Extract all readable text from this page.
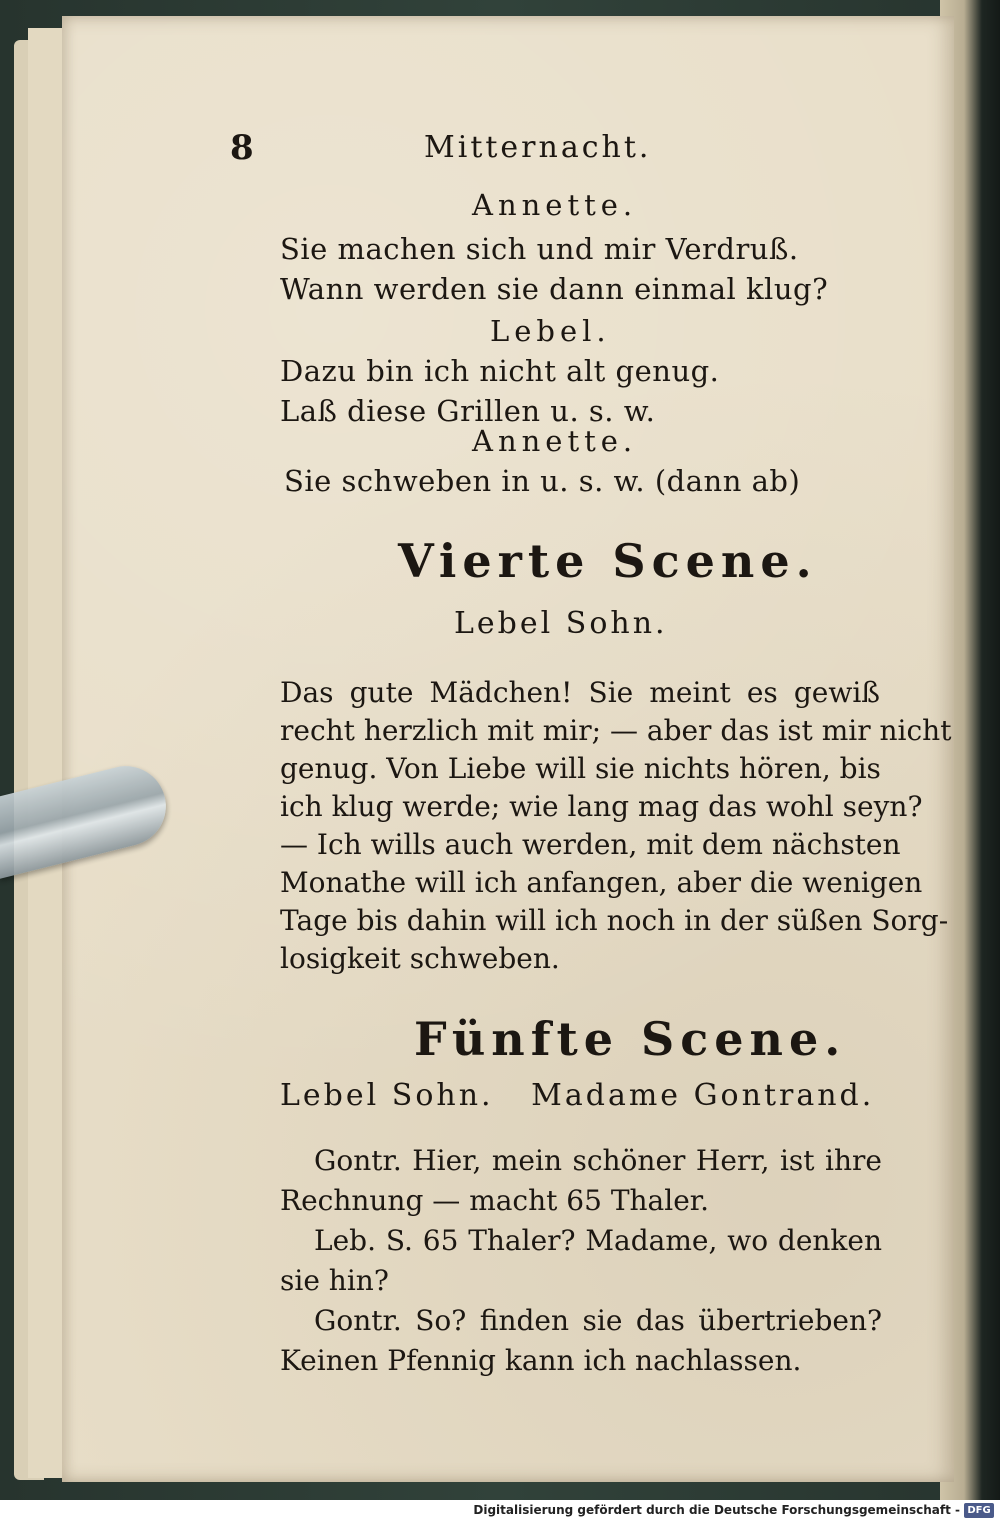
8	Mitternacht.
Annette.
Sie machen sich und mir Verdruß.
Wann werden sie dann einmal klug?
Lebel.
Dazu bin ich nicht alt genug.
Laß diese Grillen u. s. w.
Annette.
Sie schweben in u. s. w. (dann ab)
Vierte Scene.
Lebel Sohn.
Das gute Mädchen! Sie meint es gewiß
recht herzlich mit mir; — aber das ist mir nicht
genug. Von Liebe will sie nichts hören, bis
ich klug werde; wie lang mag das wohl seyn?
— Ich wills auch werden, mit dem nächsten
Monathe will ich anfangen, aber die wenigen
Tage bis dahin will ich noch in der süßen Sorg-
losigkeit schweben.
Fünfte Scene.
Lebel Sohn.   Madame Gontrand.
Gontr. Hier, mein schöner Herr, ist ihre
Rechnung — macht 65 Thaler.
Leb. S. 65 Thaler? Madame, wo denken
sie hin?
Gontr. So? finden sie das übertrieben?
Keinen Pfennig kann ich nachlassen.
Digitalisierung gefördert durch die Deutsche Forschungsgemeinschaft - DFG
